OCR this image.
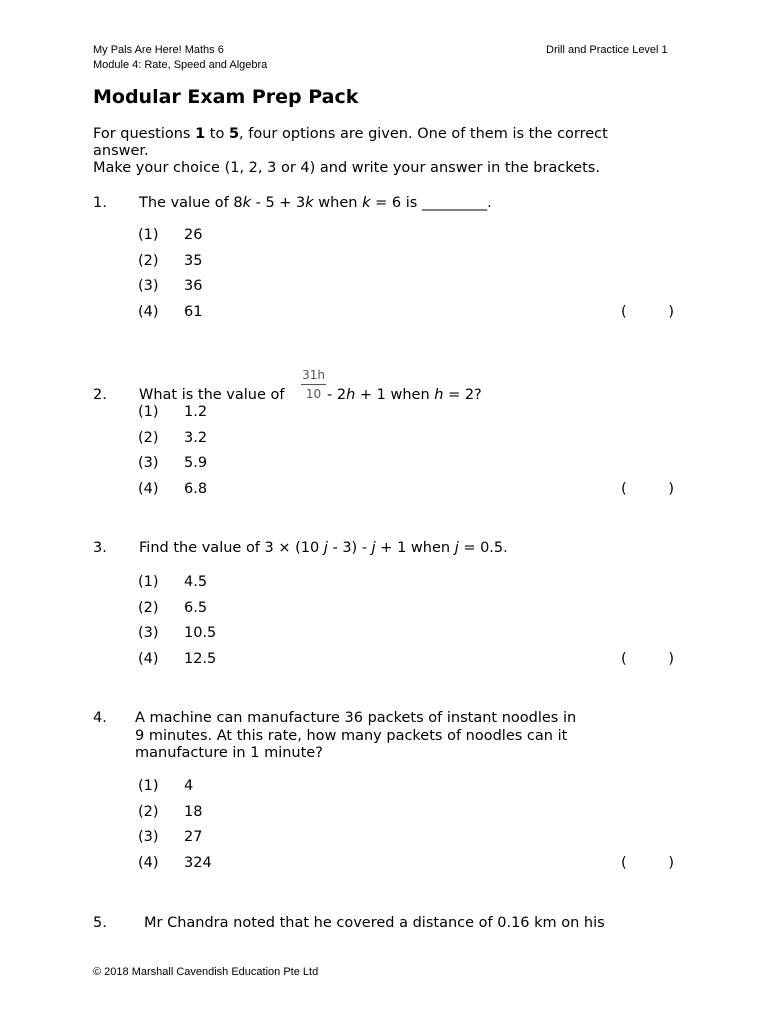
My Pals Are Here! Maths 6
Module 4: Rate, Speed and Algebra
Drill and Practice Level 1
Modular Exam Prep Pack
For questions 1 to 5, four options are given. One of them is the correct
answer.
Make your choice (1, 2, 3 or 4) and write your answer in the brackets.
1. The value of 8k - 5 + 3k when k = 6 is _________.
(1) 26
(2) 35
(3) 36
(4) 61	(	)
31h
10
2. What is the value of	- 2h + 1 when h = 2?
(1) 1.2
(2) 3.2
(3) 5.9
(4) 6.8	(	)
3. Find the value of 3 × (10 j - 3) - j + 1 when j = 0.5.
(1) 4.5
(2) 6.5
(3) 10.5
(4) 12.5	(	)
4. A machine can manufacture 36 packets of instant noodles in
9 minutes. At this rate, how many packets of noodles can it
manufacture in 1 minute?
(1) 4
(2) 18
(3) 27
(4) 324	(	)
5.	Mr Chandra noted that he covered a distance of 0.16 km on his
© 2018 Marshall Cavendish Education Pte Ltd
